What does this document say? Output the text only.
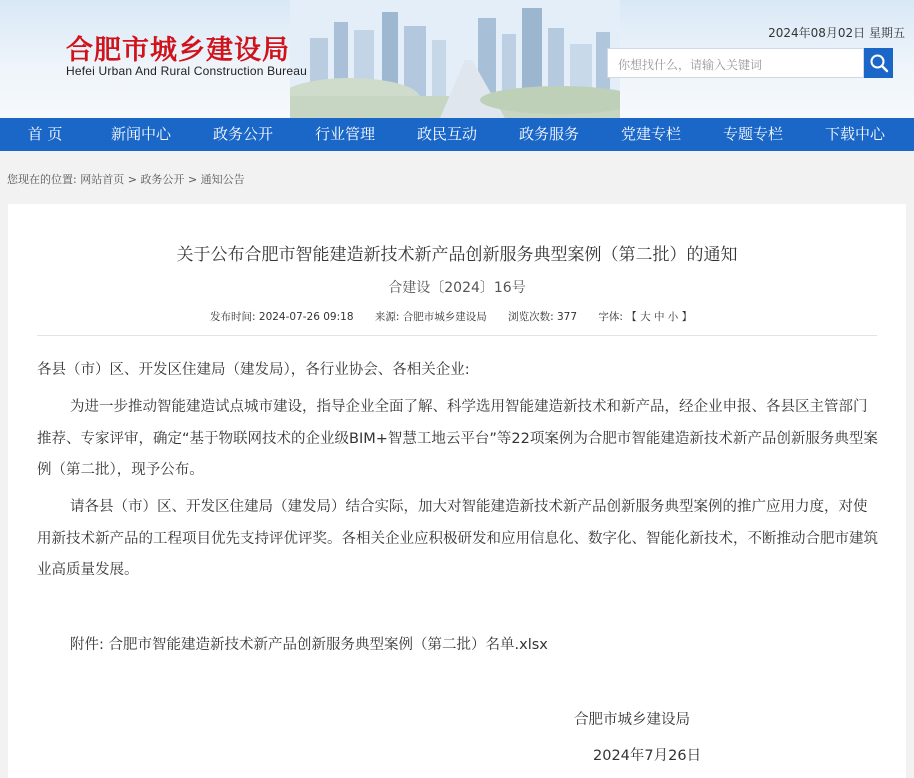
合肥市城乡建设局
Hefei Urban And Rural Construction Bureau
2024年08月02日 星期五
你想找什么，请输入关键词
首 页	新闻中心	政务公开	行业管理	政民互动	政务服务	党建专栏	专题专栏	下载中心
您现在的位置: 网站首页 > 政务公开 > 通知公告
关于公布合肥市智能建造新技术新产品创新服务典型案例（第二批）的通知
合建设〔2024〕16号
发布时间: 2024-07-26 09:18 来源: 合肥市城乡建设局 浏览次数: 377 字体: 【 大 中 小 】
各县（市）区、开发区住建局（建发局），各行业协会、各相关企业:
为进一步推动智能建造试点城市建设，指导企业全面了解、科学选用智能建造新技术和新产品，经企业申报、各县区主管部门推荐、专家评审，确定“基于物联网技术的企业级BIM+智慧工地云平台”等22项案例为合肥市智能建造新技术新产品创新服务典型案例（第二批），现予公布。
请各县（市）区、开发区住建局（建发局）结合实际，加大对智能建造新技术新产品创新服务典型案例的推广应用力度，对使用新技术新产品的工程项目优先支持评优评奖。各相关企业应积极研发和应用信息化、数字化、智能化新技术，不断推动合肥市建筑业高质量发展。
附件: 合肥市智能建造新技术新产品创新服务典型案例（第二批）名单.xlsx
合肥市城乡建设局
2024年7月26日
